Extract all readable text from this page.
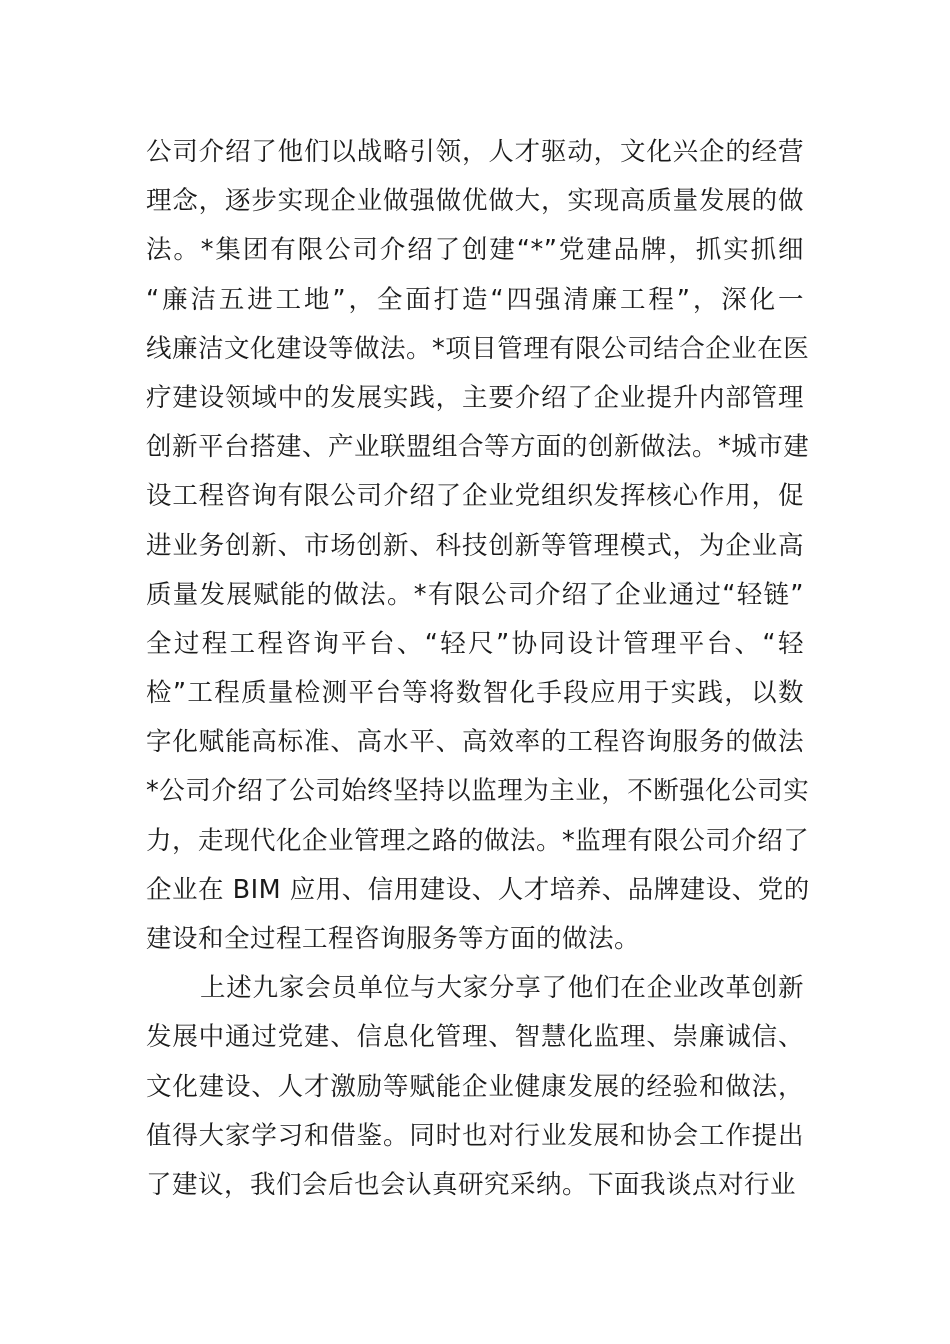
公司介绍了他们以战略引领，人才驱动，文化兴企的经营
理念，逐步实现企业做强做优做大，实现高质量发展的做
法。*集团有限公司介绍了创建“*”党建品牌，抓实抓细
“廉洁五进工地”，全面打造“四强清廉工程”，深化一
线廉洁文化建设等做法。*项目管理有限公司结合企业在医
疗建设领域中的发展实践，主要介绍了企业提升内部管理
创新平台搭建、产业联盟组合等方面的创新做法。*城市建
设工程咨询有限公司介绍了企业党组织发挥核心作用，促
进业务创新、市场创新、科技创新等管理模式，为企业高
质量发展赋能的做法。*有限公司介绍了企业通过“轻链”
全过程工程咨询平台、“轻尺”协同设计管理平台、“轻
检”工程质量检测平台等将数智化手段应用于实践，以数
字化赋能高标准、高水平、高效率的工程咨询服务的做法
*公司介绍了公司始终坚持以监理为主业，不断强化公司实
力，走现代化企业管理之路的做法。*监理有限公司介绍了
企业在 BIM 应用、信用建设、人才培养、品牌建设、党的
建设和全过程工程咨询服务等方面的做法。
上述九家会员单位与大家分享了他们在企业改革创新
发展中通过党建、信息化管理、智慧化监理、崇廉诚信、
文化建设、人才激励等赋能企业健康发展的经验和做法，
值得大家学习和借鉴。同时也对行业发展和协会工作提出
了建议，我们会后也会认真研究采纳。下面我谈点对行业
